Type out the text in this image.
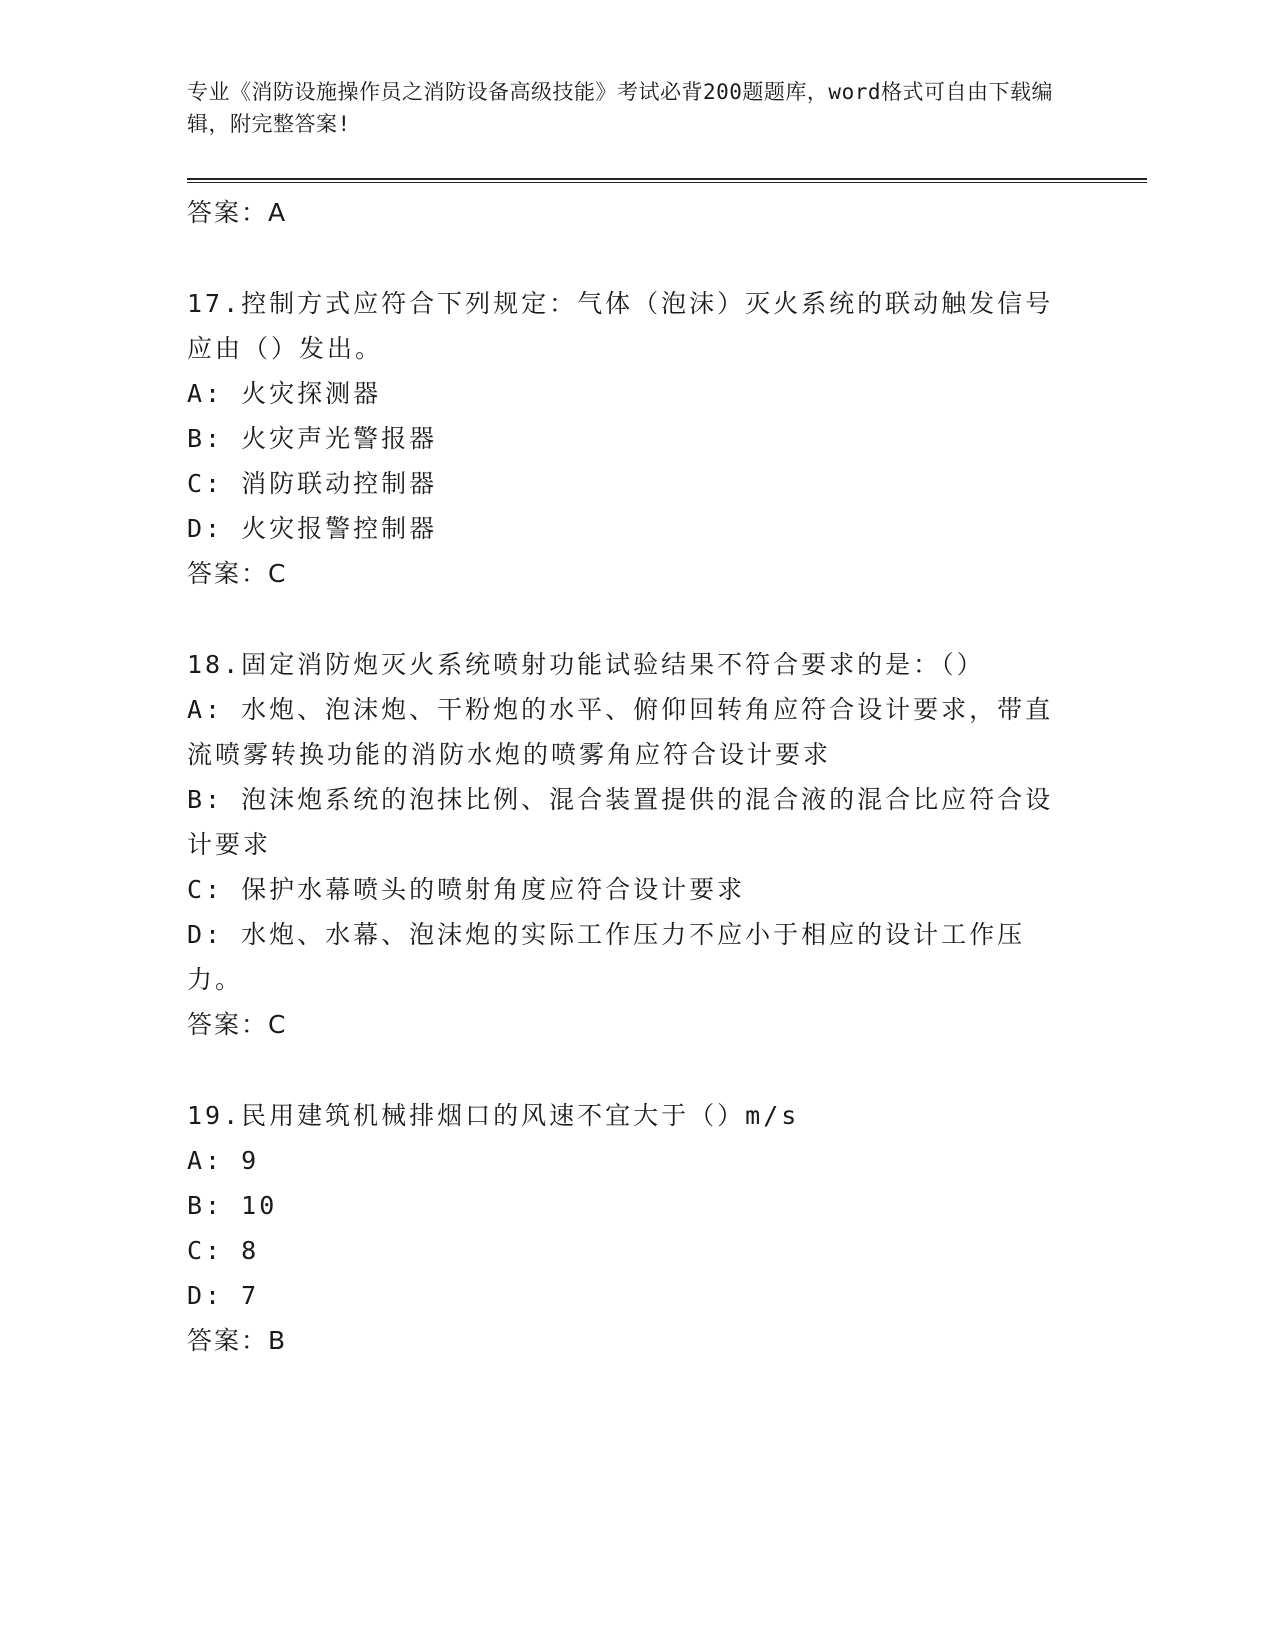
专业《消防设施操作员之消防设备高级技能》考试必背200题题库，word格式可自由下载编辑，附完整答案!
答案：A
17.控制方式应符合下列规定：气体（泡沫）灭火系统的联动触发信号应由（）发出。
A: 火灾探测器
B: 火灾声光警报器
C: 消防联动控制器
D: 火灾报警控制器
答案：C
18.固定消防炮灭火系统喷射功能试验结果不符合要求的是：（）
A: 水炮、泡沫炮、干粉炮的水平、俯仰回转角应符合设计要求，带直流喷雾转换功能的消防水炮的喷雾角应符合设计要求
B: 泡沫炮系统的泡抹比例、混合装置提供的混合液的混合比应符合设计要求
C: 保护水幕喷头的喷射角度应符合设计要求
D: 水炮、水幕、泡沫炮的实际工作压力不应小于相应的设计工作压力。
答案：C
19.民用建筑机械排烟口的风速不宜大于（）m/s
A: 9
B: 10
C: 8
D: 7
答案：B
